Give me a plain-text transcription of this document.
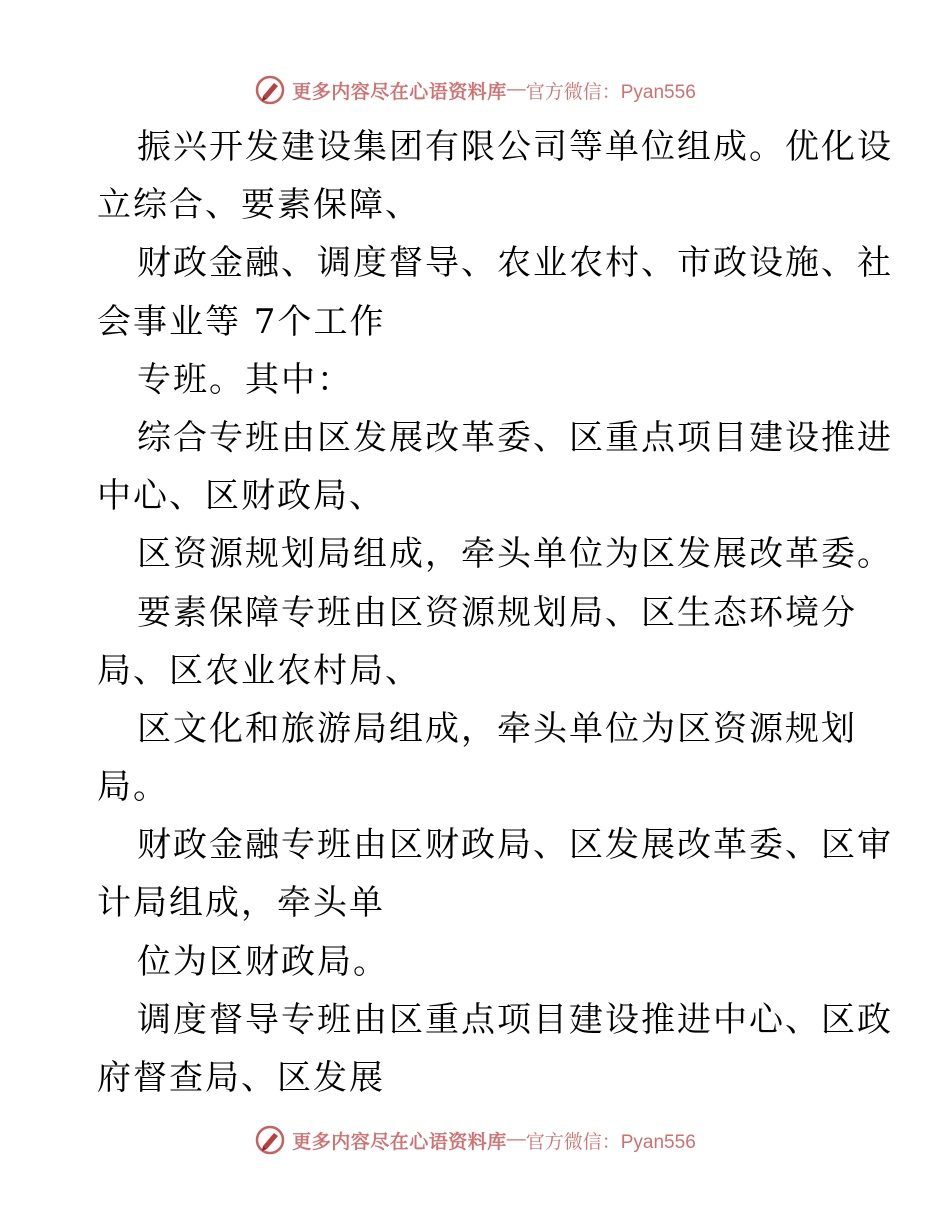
更多内容尽在心语资料库 — 官方微信：Pyan556
振兴开发建设集团有限公司等单位组成。优化设
立综合、要素保障、
财政金融、调度督导、农业农村、市政设施、社
会事业等 7个工作
专班。其中：
综合专班由区发展改革委、区重点项目建设推进
中心、区财政局、
区资源规划局组成，牵头单位为区发展改革委。
要素保障专班由区资源规划局、区生态环境分
局、区农业农村局、
区文化和旅游局组成，牵头单位为区资源规划
局。
财政金融专班由区财政局、区发展改革委、区审
计局组成，牵头单
位为区财政局。
调度督导专班由区重点项目建设推进中心、区政
府督查局、区发展
更多内容尽在心语资料库 — 官方微信：Pyan556
